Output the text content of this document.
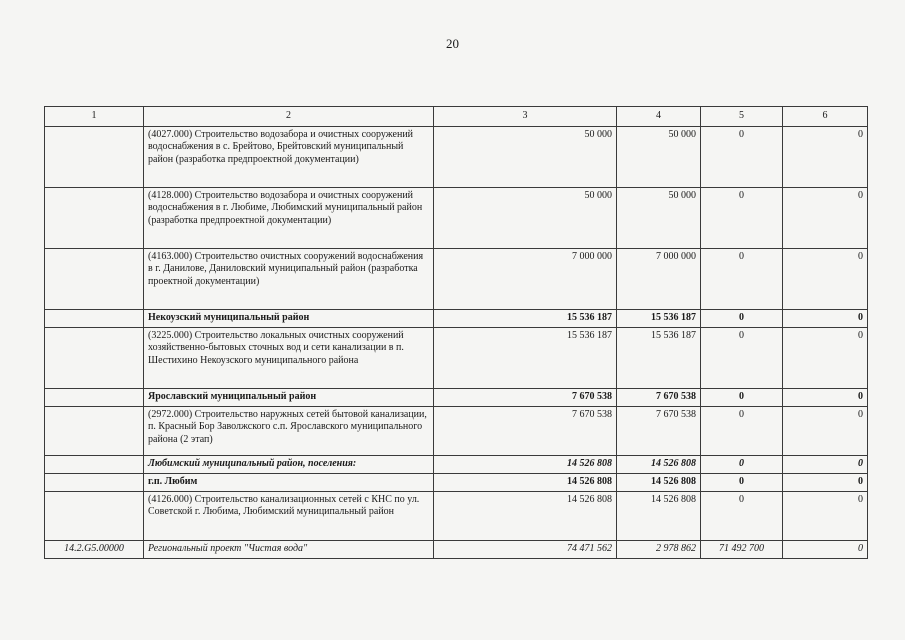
20
1	2	3	4	5	6
	(4027.000) Строительство водозабора и очистных сооружений водоснабжения в с. Брейтово, Брейтовский муниципальный район (разработка предпроектной документации)	50 000	50 000	0	0
	(4128.000) Строительство водозабора и очистных сооружений водоснабжения в г. Любиме, Любимский муниципальный район (разработка предпроектной документации)	50 000	50 000	0	0
	(4163.000) Строительство очистных сооружений водоснабжения в г. Данилове, Даниловский муниципальный район (разработка проектной документации)	7 000 000	7 000 000	0	0
	Некоузский муниципальный район	15 536 187	15 536 187	0	0
	(3225.000) Строительство локальных очистных сооружений хозяйственно-бытовых сточных вод и сети канализации в п. Шестихино Некоузского муниципального района	15 536 187	15 536 187	0	0
	Ярославский муниципальный район	7 670 538	7 670 538	0	0
	(2972.000) Строительство наружных сетей бытовой канализации, п. Красный Бор Заволжского с.п. Ярославского муниципального района (2 этап)	7 670 538	7 670 538	0	0
	Любимский муниципальный район, поселения:	14 526 808	14 526 808	0	0
	г.п. Любим	14 526 808	14 526 808	0	0
	(4126.000) Строительство канализационных сетей с КНС по ул. Советской г. Любима, Любимский муниципальный район	14 526 808	14 526 808	0	0
14.2.G5.00000	Региональный проект "Чистая вода"	74 471 562	2 978 862	71 492 700	0
